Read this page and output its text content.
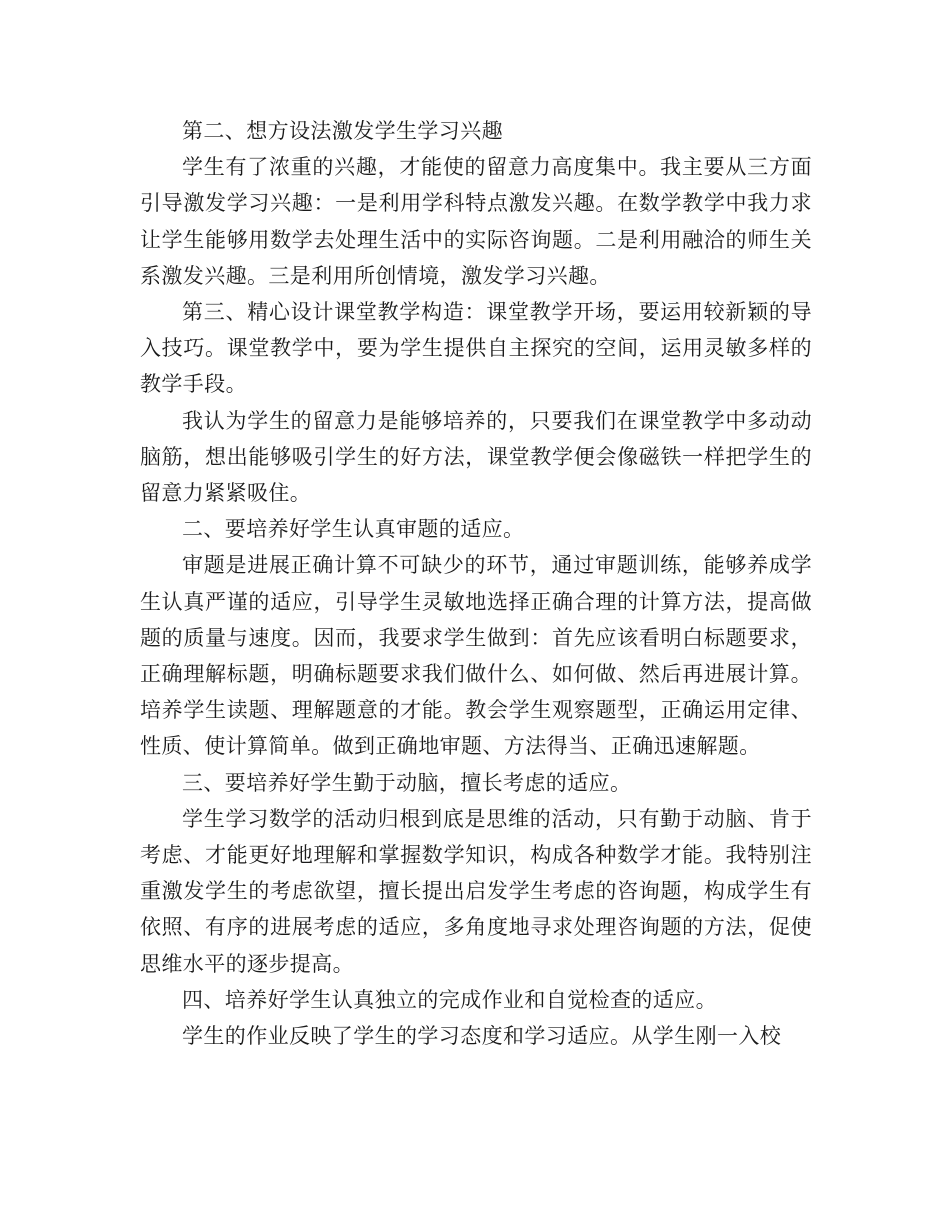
第二、想方设法激发学生学习兴趣

学生有了浓重的兴趣，才能使的留意力高度集中。我主要从三方面引导激发学习兴趣：一是利用学科特点激发兴趣。在数学教学中我力求让学生能够用数学去处理生活中的实际咨询题。二是利用融洽的师生关系激发兴趣。三是利用所创情境，激发学习兴趣。

第三、精心设计课堂教学构造：课堂教学开场，要运用较新颖的导入技巧。课堂教学中，要为学生提供自主探究的空间，运用灵敏多样的教学手段。

我认为学生的留意力是能够培养的，只要我们在课堂教学中多动动脑筋，想出能够吸引学生的好方法，课堂教学便会像磁铁一样把学生的留意力紧紧吸住。

二、要培养好学生认真审题的适应。

审题是进展正确计算不可缺少的环节，通过审题训练，能够养成学生认真严谨的适应，引导学生灵敏地选择正确合理的计算方法，提高做题的质量与速度。因而，我要求学生做到：首先应该看明白标题要求，正确理解标题，明确标题要求我们做什么、如何做、然后再进展计算。培养学生读题、理解题意的才能。教会学生观察题型，正确运用定律、性质、使计算简单。做到正确地审题、方法得当、正确迅速解题。

三、要培养好学生勤于动脑，擅长考虑的适应。

学生学习数学的活动归根到底是思维的活动，只有勤于动脑、肯于考虑、才能更好地理解和掌握数学知识，构成各种数学才能。我特别注重激发学生的考虑欲望，擅长提出启发学生考虑的咨询题，构成学生有依照、有序的进展考虑的适应，多角度地寻求处理咨询题的方法，促使思维水平的逐步提高。

四、培养好学生认真独立的完成作业和自觉检查的适应。

学生的作业反映了学生的学习态度和学习适应。从学生刚一入校
